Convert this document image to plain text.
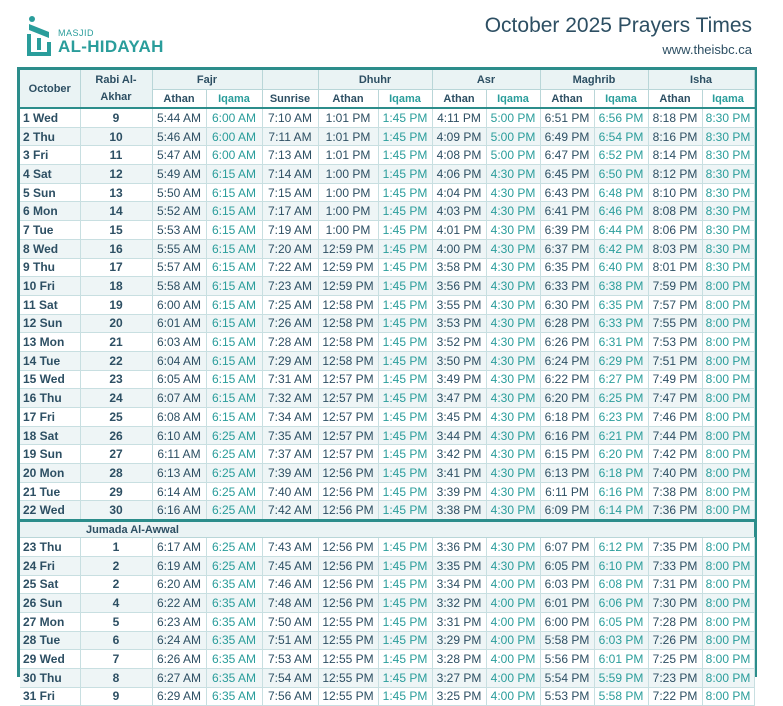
MASJID
AL-HIDAYAH
October 2025 Prayers Times
www.theisbc.ca
October	Rabi Al-Akhar	Fajr			Dhuhr		Asr		Maghrib		Isha	
		Athan	Iqama	Sunrise	Athan	Iqama	Athan	Iqama	Athan	Iqama	Athan	Iqama
1 Wed	9	5:44 AM	6:00 AM	7:10 AM	1:01 PM	1:45 PM	4:11 PM	5:00 PM	6:51 PM	6:56 PM	8:18 PM	8:30 PM
2 Thu	10	5:46 AM	6:00 AM	7:11 AM	1:01 PM	1:45 PM	4:09 PM	5:00 PM	6:49 PM	6:54 PM	8:16 PM	8:30 PM
3 Fri	11	5:47 AM	6:00 AM	7:13 AM	1:01 PM	1:45 PM	4:08 PM	5:00 PM	6:47 PM	6:52 PM	8:14 PM	8:30 PM
4 Sat	12	5:49 AM	6:15 AM	7:14 AM	1:00 PM	1:45 PM	4:06 PM	4:30 PM	6:45 PM	6:50 PM	8:12 PM	8:30 PM
5 Sun	13	5:50 AM	6:15 AM	7:15 AM	1:00 PM	1:45 PM	4:04 PM	4:30 PM	6:43 PM	6:48 PM	8:10 PM	8:30 PM
6 Mon	14	5:52 AM	6:15 AM	7:17 AM	1:00 PM	1:45 PM	4:03 PM	4:30 PM	6:41 PM	6:46 PM	8:08 PM	8:30 PM
7 Tue	15	5:53 AM	6:15 AM	7:19 AM	1:00 PM	1:45 PM	4:01 PM	4:30 PM	6:39 PM	6:44 PM	8:06 PM	8:30 PM
8 Wed	16	5:55 AM	6:15 AM	7:20 AM	12:59 PM	1:45 PM	4:00 PM	4:30 PM	6:37 PM	6:42 PM	8:03 PM	8:30 PM
9 Thu	17	5:57 AM	6:15 AM	7:22 AM	12:59 PM	1:45 PM	3:58 PM	4:30 PM	6:35 PM	6:40 PM	8:01 PM	8:30 PM
10 Fri	18	5:58 AM	6:15 AM	7:23 AM	12:59 PM	1:45 PM	3:56 PM	4:30 PM	6:33 PM	6:38 PM	7:59 PM	8:00 PM
11 Sat	19	6:00 AM	6:15 AM	7:25 AM	12:58 PM	1:45 PM	3:55 PM	4:30 PM	6:30 PM	6:35 PM	7:57 PM	8:00 PM
12 Sun	20	6:01 AM	6:15 AM	7:26 AM	12:58 PM	1:45 PM	3:53 PM	4:30 PM	6:28 PM	6:33 PM	7:55 PM	8:00 PM
13 Mon	21	6:03 AM	6:15 AM	7:28 AM	12:58 PM	1:45 PM	3:52 PM	4:30 PM	6:26 PM	6:31 PM	7:53 PM	8:00 PM
14 Tue	22	6:04 AM	6:15 AM	7:29 AM	12:58 PM	1:45 PM	3:50 PM	4:30 PM	6:24 PM	6:29 PM	7:51 PM	8:00 PM
15 Wed	23	6:05 AM	6:15 AM	7:31 AM	12:57 PM	1:45 PM	3:49 PM	4:30 PM	6:22 PM	6:27 PM	7:49 PM	8:00 PM
16 Thu	24	6:07 AM	6:15 AM	7:32 AM	12:57 PM	1:45 PM	3:47 PM	4:30 PM	6:20 PM	6:25 PM	7:47 PM	8:00 PM
17 Fri	25	6:08 AM	6:15 AM	7:34 AM	12:57 PM	1:45 PM	3:45 PM	4:30 PM	6:18 PM	6:23 PM	7:46 PM	8:00 PM
18 Sat	26	6:10 AM	6:25 AM	7:35 AM	12:57 PM	1:45 PM	3:44 PM	4:30 PM	6:16 PM	6:21 PM	7:44 PM	8:00 PM
19 Sun	27	6:11 AM	6:25 AM	7:37 AM	12:57 PM	1:45 PM	3:42 PM	4:30 PM	6:15 PM	6:20 PM	7:42 PM	8:00 PM
20 Mon	28	6:13 AM	6:25 AM	7:39 AM	12:56 PM	1:45 PM	3:41 PM	4:30 PM	6:13 PM	6:18 PM	7:40 PM	8:00 PM
21 Tue	29	6:14 AM	6:25 AM	7:40 AM	12:56 PM	1:45 PM	3:39 PM	4:30 PM	6:11 PM	6:16 PM	7:38 PM	8:00 PM
22 Wed	30	6:16 AM	6:25 AM	7:42 AM	12:56 PM	1:45 PM	3:38 PM	4:30 PM	6:09 PM	6:14 PM	7:36 PM	8:00 PM
Jumada Al-Awwal												
23 Thu	1	6:17 AM	6:25 AM	7:43 AM	12:56 PM	1:45 PM	3:36 PM	4:30 PM	6:07 PM	6:12 PM	7:35 PM	8:00 PM
24 Fri	2	6:19 AM	6:25 AM	7:45 AM	12:56 PM	1:45 PM	3:35 PM	4:30 PM	6:05 PM	6:10 PM	7:33 PM	8:00 PM
25 Sat	2	6:20 AM	6:35 AM	7:46 AM	12:56 PM	1:45 PM	3:34 PM	4:00 PM	6:03 PM	6:08 PM	7:31 PM	8:00 PM
26 Sun	4	6:22 AM	6:35 AM	7:48 AM	12:56 PM	1:45 PM	3:32 PM	4:00 PM	6:01 PM	6:06 PM	7:30 PM	8:00 PM
27 Mon	5	6:23 AM	6:35 AM	7:50 AM	12:55 PM	1:45 PM	3:31 PM	4:00 PM	6:00 PM	6:05 PM	7:28 PM	8:00 PM
28 Tue	6	6:24 AM	6:35 AM	7:51 AM	12:55 PM	1:45 PM	3:29 PM	4:00 PM	5:58 PM	6:03 PM	7:26 PM	8:00 PM
29 Wed	7	6:26 AM	6:35 AM	7:53 AM	12:55 PM	1:45 PM	3:28 PM	4:00 PM	5:56 PM	6:01 PM	7:25 PM	8:00 PM
30 Thu	8	6:27 AM	6:35 AM	7:54 AM	12:55 PM	1:45 PM	3:27 PM	4:00 PM	5:54 PM	5:59 PM	7:23 PM	8:00 PM
31 Fri	9	6:29 AM	6:35 AM	7:56 AM	12:55 PM	1:45 PM	3:25 PM	4:00 PM	5:53 PM	5:58 PM	7:22 PM	8:00 PM
